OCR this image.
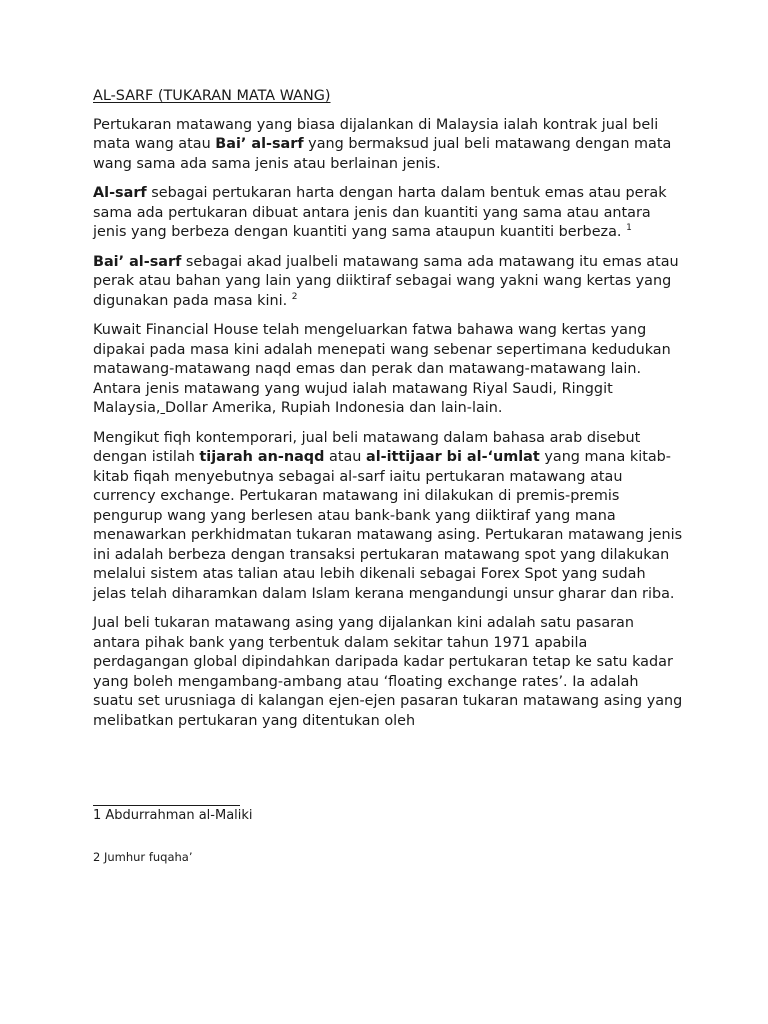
AL-SARF (TUKARAN MATA WANG)

Pertukaran matawang yang biasa dijalankan di Malaysia ialah kontrak jual beli mata wang atau Bai’ al-sarf yang bermaksud jual beli matawang dengan mata wang sama ada sama jenis atau berlainan jenis.

Al-sarf sebagai pertukaran harta dengan harta dalam bentuk emas atau perak sama ada pertukaran dibuat antara jenis dan kuantiti yang sama atau antara jenis yang berbeza dengan kuantiti yang sama ataupun kuantiti berbeza. $^1$

Bai’ al-sarf sebagai akad jualbeli matawang sama ada matawang itu emas atau perak atau bahan yang lain yang diiktiraf sebagai wang yakni wang kertas yang digunakan pada masa kini. $^2$

Kuwait Financial House telah mengeluarkan fatwa bahawa wang kertas yang dipakai pada masa kini adalah menepati wang sebenar sepertimana kedudukan matawang-matawang naqd emas dan perak dan matawang-matawang lain. Antara jenis matawang yang wujud ialah matawang Riyal Saudi, Ringgit Malaysia, Dollar Amerika, Rupiah Indonesia dan lain-lain.

Mengikut fiqh kontemporari, jual beli matawang dalam bahasa arab disebut dengan istilah tijarah an-naqd atau al-ittijaar bi al-‘umlat yang mana kitab-kitab fiqah menyebutnya sebagai al-sarf iaitu pertukaran matawang atau currency exchange. Pertukaran matawang ini dilakukan di premis-premis pengurup wang yang berlesen atau bank-bank yang diiktiraf yang mana menawarkan perkhidmatan tukaran matawang asing. Pertukaran matawang jenis ini adalah berbeza dengan transaksi pertukaran matawang spot yang dilakukan melalui sistem atas talian atau lebih dikenali sebagai Forex Spot yang sudah jelas telah diharamkan dalam Islam kerana mengandungi unsur gharar dan riba.

Jual beli tukaran matawang asing yang dijalankan kini adalah satu pasaran antara pihak bank yang terbentuk dalam sekitar tahun 1971 apabila perdagangan global dipindahkan daripada kadar pertukaran tetap ke satu kadar yang boleh mengambang-ambang atau ‘floating exchange rates’. Ia adalah suatu set urusniaga di kalangan ejen-ejen pasaran tukaran matawang asing yang melibatkan pertukaran yang ditentukan oleh

1 Abdurrahman al-Maliki
2 Jumhur fuqaha’
